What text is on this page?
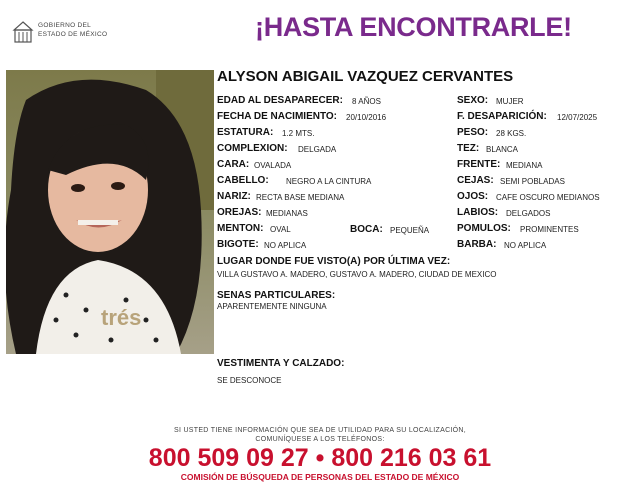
GOBIERNO DEL
ESTADO DE MÉXICO	¡HASTA ENCONTRARLE!
trés
ALYSON ABIGAIL VAZQUEZ CERVANTES
EDAD AL DESAPARECER: 8 AÑOS
FECHA DE NACIMIENTO: 20/10/2016
ESTATURA: 1.2 MTS.
COMPLEXION: DELGADA
CARA: OVALADA
CABELLO: NEGRO A LA CINTURA
NARIZ: RECTA BASE MEDIANA
OREJAS: MEDIANAS
MENTON: OVAL	BOCA: PEQUEÑA
BIGOTE: NO APLICA
SEXO: MUJER
F. DESAPARICIÓN: 12/07/2025
PESO: 28 KGS.
TEZ: BLANCA
FRENTE: MEDIANA
CEJAS: SEMI POBLADAS
OJOS: CAFE OSCURO MEDIANOS
LABIOS: DELGADOS
POMULOS: PROMINENTES
BARBA: NO APLICA
LUGAR DONDE FUE VISTO(A) POR ÚLTIMA VEZ:
VILLA GUSTAVO A. MADERO, GUSTAVO A. MADERO, CIUDAD DE MEXICO
SENAS PARTICULARES:
APARENTEMENTE NINGUNA
VESTIMENTA Y CALZADO:
SE DESCONOCE
SI USTED TIENE INFORMACIÓN QUE SEA DE UTILIDAD PARA SU LOCALIZACIÓN,
COMUNÍQUESE A LOS TELÉFONOS:
800 509 09 27 • 800 216 03 61
COMISIÓN DE BÚSQUEDA DE PERSONAS DEL ESTADO DE MÉXICO
